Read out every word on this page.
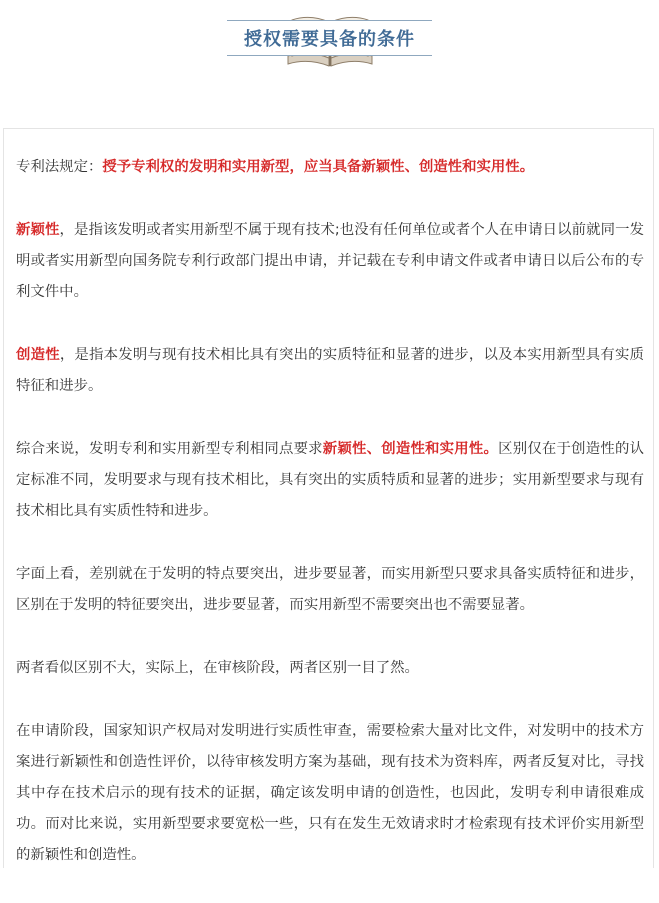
授权需要具备的条件

专利法规定：授予专利权的发明和实用新型，应当具备新颖性、创造性和实用性。

新颖性，是指该发明或者实用新型不属于现有技术;也没有任何单位或者个人在申请日以前就同一发明或者实用新型向国务院专利行政部门提出申请，并记载在专利申请文件或者申请日以后公布的专利文件中。

创造性，是指本发明与现有技术相比具有突出的实质特征和显著的进步，以及本实用新型具有实质特征和进步。

综合来说，发明专利和实用新型专利相同点要求新颖性、创造性和实用性。区别仅在于创造性的认定标准不同，发明要求与现有技术相比，具有突出的实质特质和显著的进步；实用新型要求与现有技术相比具有实质性特和进步。

字面上看，差别就在于发明的特点要突出，进步要显著，而实用新型只要求具备实质特征和进步，区别在于发明的特征要突出，进步要显著，而实用新型不需要突出也不需要显著。

两者看似区别不大，实际上，在审核阶段，两者区别一目了然。

在申请阶段，国家知识产权局对发明进行实质性审查，需要检索大量对比文件，对发明中的技术方案进行新颖性和创造性评价，以待审核发明方案为基础，现有技术为资料库，两者反复对比，寻找其中存在技术启示的现有技术的证据，确定该发明申请的创造性，也因此，发明专利申请很难成功。而对比来说，实用新型要求要宽松一些，只有在发生无效请求时才检索现有技术评价实用新型的新颖性和创造性。
